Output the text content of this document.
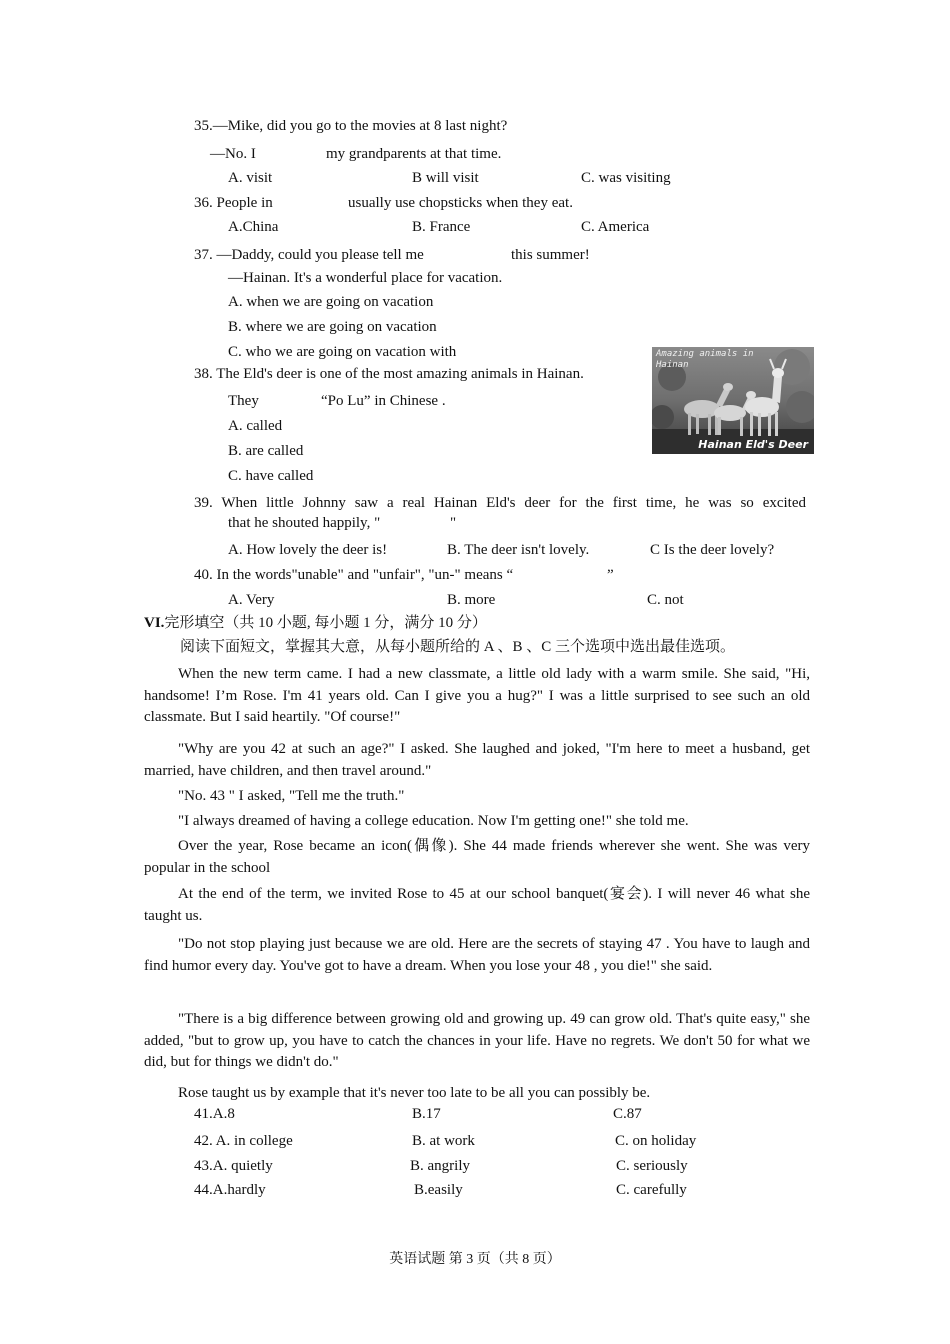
35.—Mike, did you go to the movies at 8 last night?
—No. I	my grandparents at that time.
A. visit	B will visit	C. was visiting
36. People in	usually use chopsticks when they eat.
A.China	B. France	C. America
37. —Daddy, could you please tell me	this summer!
—Hainan. It's a wonderful place for vacation.
A. when we are going on vacation
B. where we are going on vacation
C. who we are going on vacation with
38. The Eld's deer is one of the most amazing animals in Hainan.
They	“Po Lu” in Chinese .
A. called
B. are called
C. have called
Amazing animals in Hainan
Hainan Eld's Deer
39. When little Johnny saw a real Hainan Eld's deer for the first time, he was so excited
that he shouted happily, "	"
A. How lovely the deer is!	B. The deer isn't lovely.	C Is the deer lovely?
40. In the words"unable" and "unfair", "un-" means “	”
A. Very	B. more	C. not
VI.完形填空（共 10 小题, 每小题 1 分，满分 10 分）
阅读下面短文，掌握其大意，从每小题所给的 A 、B 、C 三个选项中选出最佳选项。
When the new term came. I had a new classmate, a little old lady with a warm smile. She said, "Hi, handsome! I’m Rose. I'm 41 years old. Can I give you a hug?" I was a little surprised to see such an old classmate. But I said heartily. "Of course!"
"Why are you 42 at such an age?" I asked. She laughed and joked, "I'm here to meet a husband, get married, have children, and then travel around."
"No. 43 " I asked, "Tell me the truth."
"I always dreamed of having a college education. Now I'm getting one!" she told me.
Over the year, Rose became an icon(偶像). She 44 made friends wherever she went. She was very popular in the school
At the end of the term, we invited Rose to 45 at our school banquet(宴会). I will never 46 what she taught us.
"Do not stop playing just because we are old. Here are the secrets of staying 47 . You have to laugh and find humor every day. You've got to have a dream. When you lose your 48 , you die!" she said.
"There is a big difference between growing old and growing up. 49 can grow old. That's quite easy," she added, "but to grow up, you have to catch the chances in your life. Have no regrets. We don't 50 for what we did, but for things we didn't do."
Rose taught us by example that it's never too late to be all you can possibly be.
41.A.8	B.17	C.87
42. A. in college	B. at work	C. on holiday
43.A. quietly	B. angrily	C. seriously
44.A.hardly	B.easily	C. carefully
英语试题 第 3 页（共 8 页）
